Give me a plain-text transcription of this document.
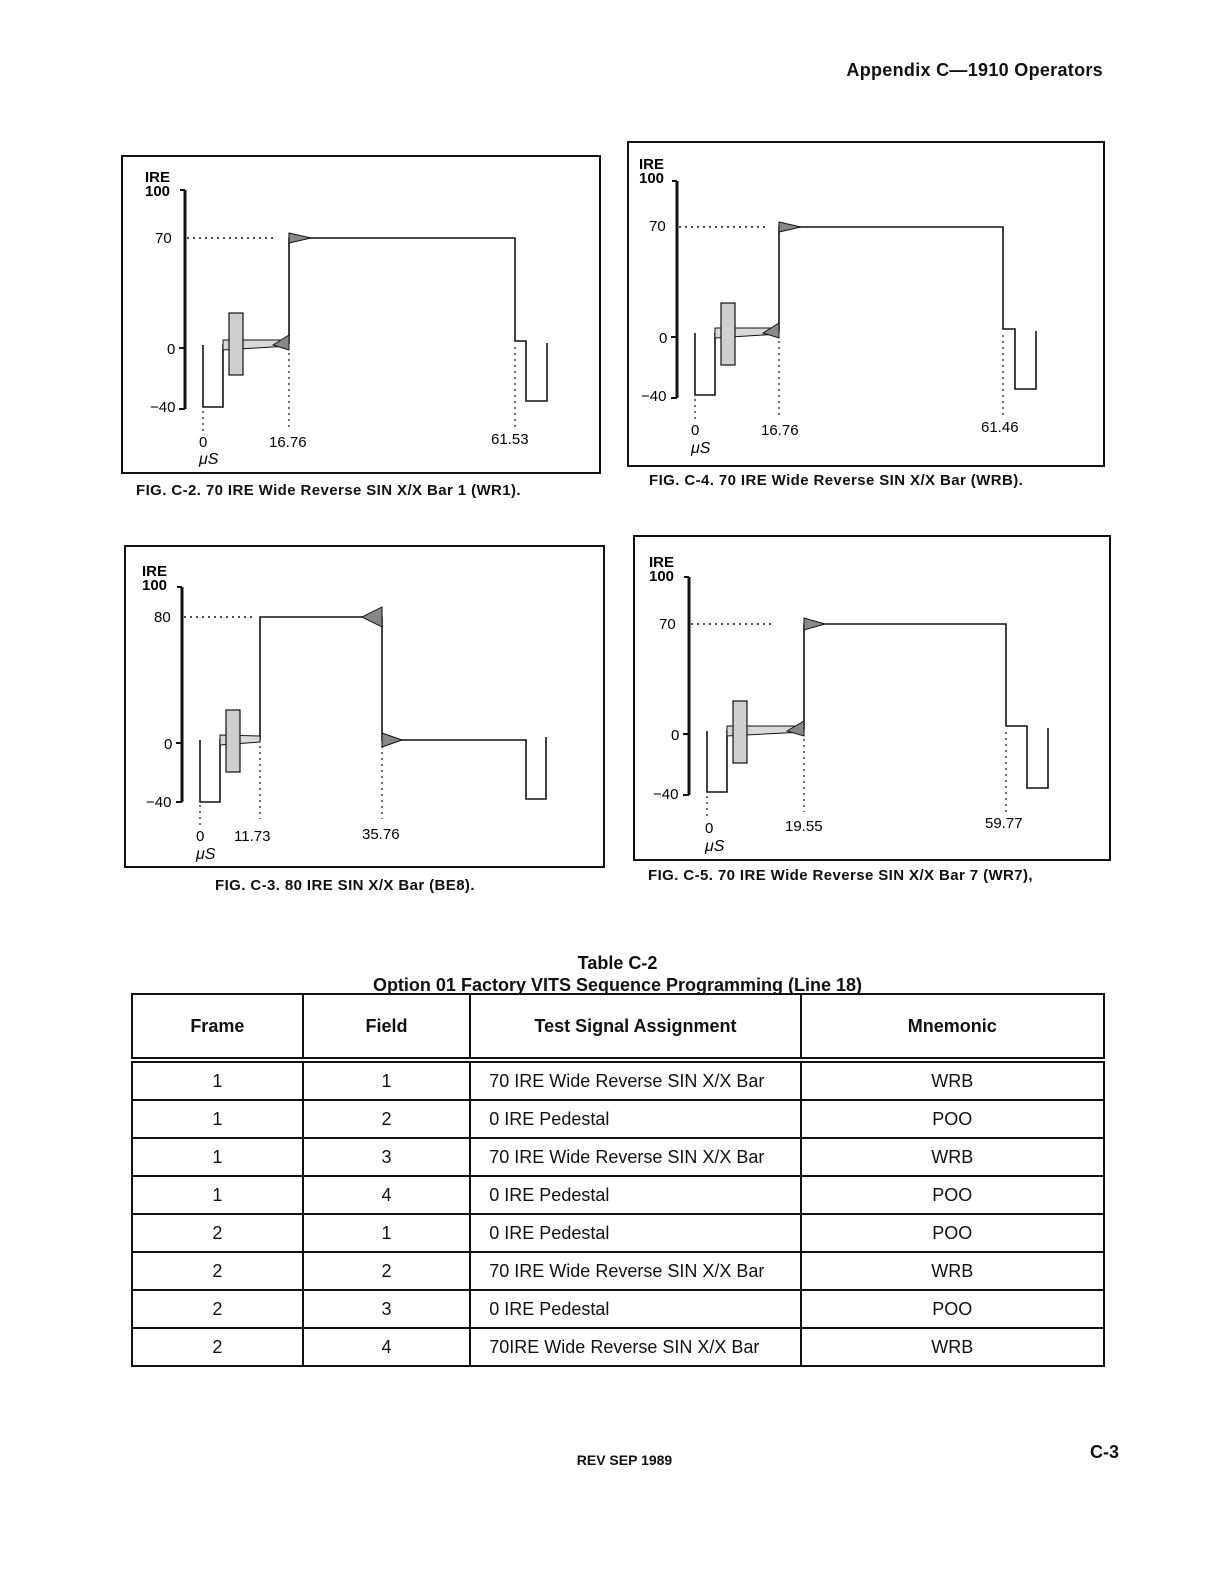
Appendix C—1910 Operators
IRE
100
70
0
−40
0	16.76	61.53
μS
FIG. C-2. 70 IRE Wide Reverse SIN X/X Bar 1 (WR1).
IRE
100
70
0
−40
0	16.76	61.46
μS
FIG. C-4. 70 IRE Wide Reverse SIN X/X Bar (WRB).
IRE
100
80
0
−40
0 11.73	35.76
μS
FIG. C-3. 80 IRE SIN X/X Bar (BE8).
IRE
100
70
0
−40
0	19.55	59.77
μS
FIG. C-5. 70 IRE Wide Reverse SIN X/X Bar 7 (WR7),
Table C-2
Option 01 Factory VITS Sequence Programming (Line 18)
Frame	Field	Test Signal Assignment	Mnemonic
1	1	70 IRE Wide Reverse SIN X/X Bar	WRB
1	2	0 IRE Pedestal	POO
1	3	70 IRE Wide Reverse SIN X/X Bar	WRB
1	4	0 IRE Pedestal	POO
2	1	0 IRE Pedestal	POO
2	2	70 IRE Wide Reverse SIN X/X Bar	WRB
2	3	0 IRE Pedestal	POO
2	4	70IRE Wide Reverse SIN X/X Bar	WRB
REV SEP 1989	C-3
